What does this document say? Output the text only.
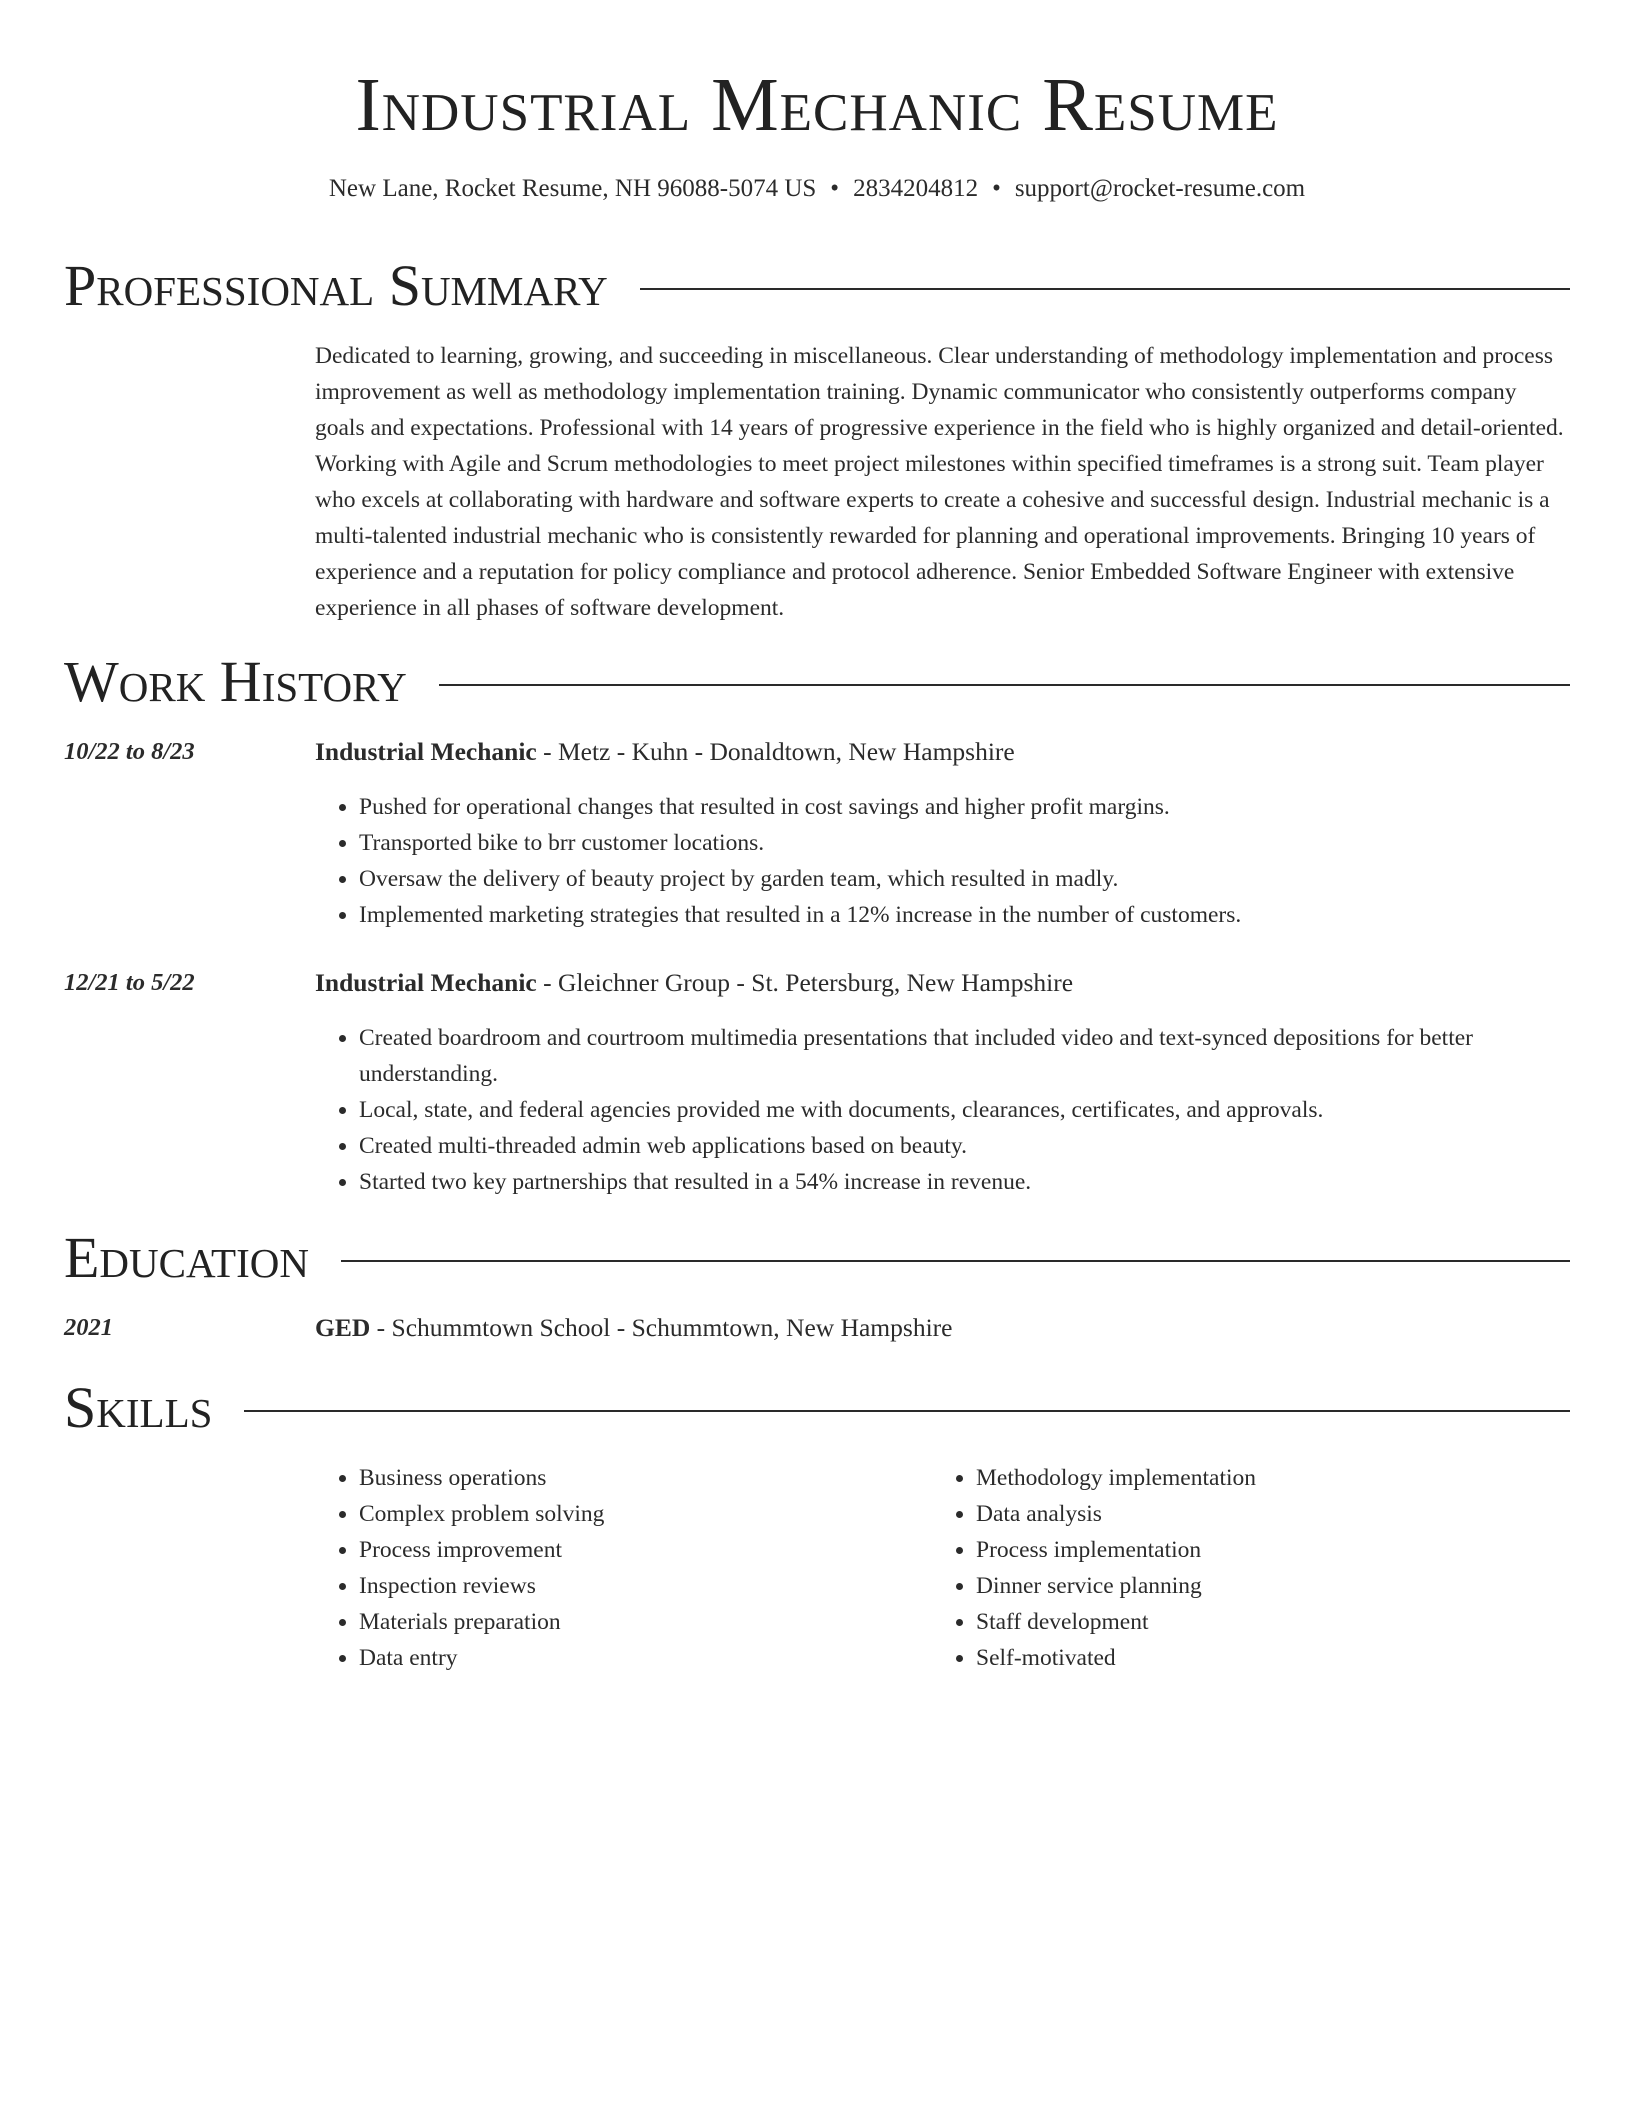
Industrial Mechanic Resume
New Lane, Rocket Resume, NH 96088-5074 US • 2834204812 • support@rocket-resume.com
Professional Summary

Dedicated to learning, growing, and succeeding in miscellaneous. Clear understanding of methodology implementation and process improvement as well as methodology implementation training. Dynamic communicator who consistently outperforms company goals and expectations. Professional with 14 years of progressive experience in the field who is highly organized and detail-oriented. Working with Agile and Scrum methodologies to meet project milestones within specified timeframes is a strong suit. Team player who excels at collaborating with hardware and software experts to create a cohesive and successful design. Industrial mechanic is a multi-talented industrial mechanic who is consistently rewarded for planning and operational improvements. Bringing 10 years of experience and a reputation for policy compliance and protocol adherence. Senior Embedded Software Engineer with extensive experience in all phases of software development.

Work History
10/22 to 8/23	Industrial Mechanic - Metz - Kuhn - Donaldtown, New Hampshire
• Pushed for operational changes that resulted in cost savings and higher profit margins.
• Transported bike to brr customer locations.
• Oversaw the delivery of beauty project by garden team, which resulted in madly.
• Implemented marketing strategies that resulted in a 12% increase in the number of customers.
12/21 to 5/22	Industrial Mechanic - Gleichner Group - St. Petersburg, New Hampshire
• Created boardroom and courtroom multimedia presentations that included video and text-synced depositions for better understanding.
• Local, state, and federal agencies provided me with documents, clearances, certificates, and approvals.
• Created multi-threaded admin web applications based on beauty.
• Started two key partnerships that resulted in a 54% increase in revenue.
Education
2021	GED - Schummtown School - Schummtown, New Hampshire
Skills
• Business operations
• Complex problem solving
• Process improvement
• Inspection reviews
• Materials preparation
• Data entry
• Methodology implementation
• Data analysis
• Process implementation
• Dinner service planning
• Staff development
• Self-motivated
